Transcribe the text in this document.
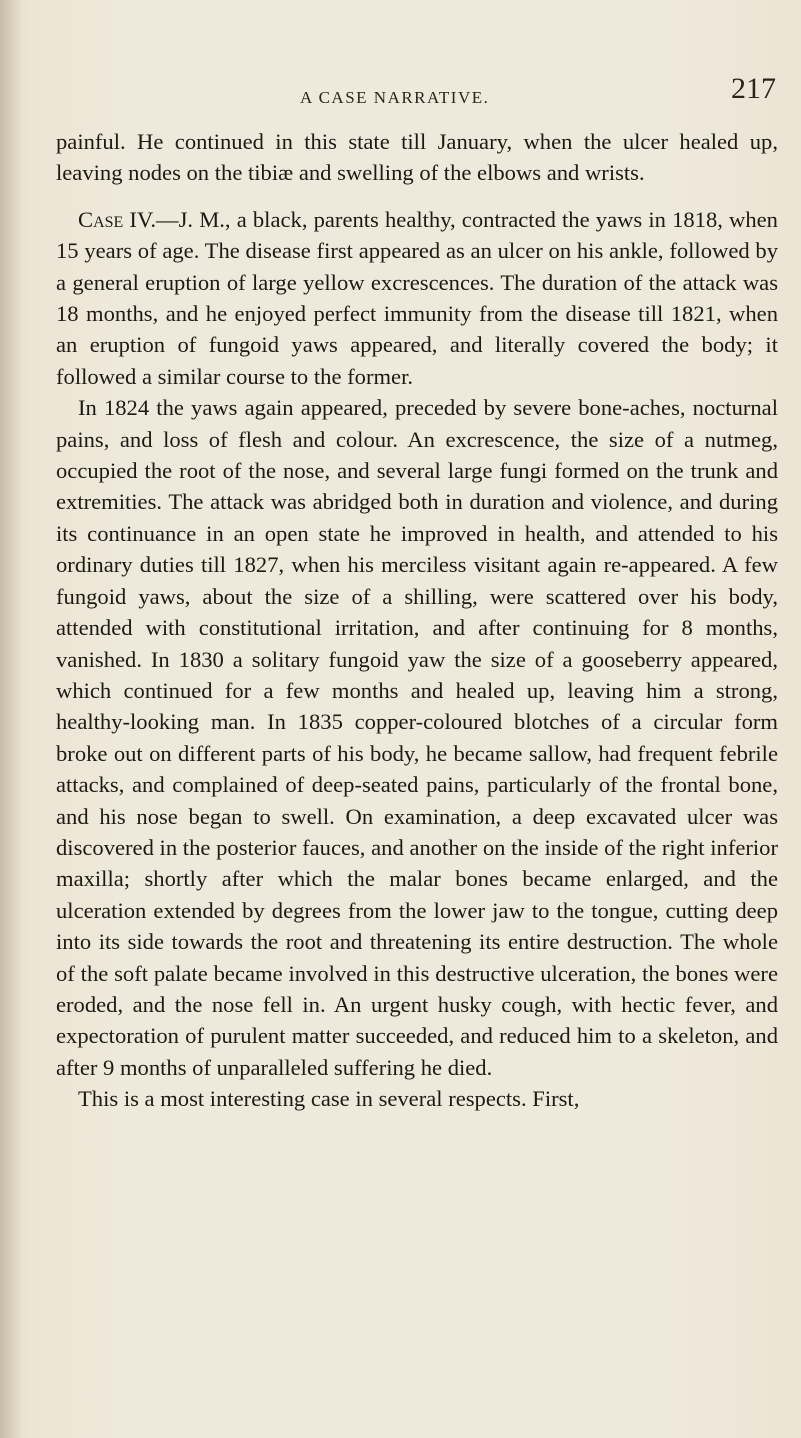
A CASE NARRATIVE.	217

painful. He continued in this state till January, when the ulcer healed up, leaving nodes on the tibiæ and swelling of the elbows and wrists.

Case IV.—J. M., a black, parents healthy, contracted the yaws in 1818, when 15 years of age. The disease first appeared as an ulcer on his ankle, followed by a general eruption of large yellow excrescences. The duration of the attack was 18 months, and he enjoyed perfect immunity from the disease till 1821, when an eruption of fungoid yaws appeared, and literally covered the body; it followed a similar course to the former.

In 1824 the yaws again appeared, preceded by severe bone-aches, nocturnal pains, and loss of flesh and colour. An excrescence, the size of a nutmeg, occupied the root of the nose, and several large fungi formed on the trunk and extremities. The attack was abridged both in duration and violence, and during its continuance in an open state he improved in health, and attended to his ordinary duties till 1827, when his merciless visitant again re-appeared. A few fungoid yaws, about the size of a shilling, were scattered over his body, attended with constitutional irritation, and after continuing for 8 months, vanished. In 1830 a solitary fungoid yaw the size of a gooseberry appeared, which continued for a few months and healed up, leaving him a strong, healthy-looking man. In 1835 copper-coloured blotches of a circular form broke out on different parts of his body, he became sallow, had frequent febrile attacks, and complained of deep-seated pains, particularly of the frontal bone, and his nose began to swell. On examination, a deep excavated ulcer was discovered in the posterior fauces, and another on the inside of the right inferior maxilla; shortly after which the malar bones became enlarged, and the ulceration extended by degrees from the lower jaw to the tongue, cutting deep into its side towards the root and threatening its entire destruction. The whole of the soft palate became involved in this destructive ulceration, the bones were eroded, and the nose fell in. An urgent husky cough, with hectic fever, and expectoration of purulent matter succeeded, and reduced him to a skeleton, and after 9 months of unparalleled suffering he died.

This is a most interesting case in several respects. First,
